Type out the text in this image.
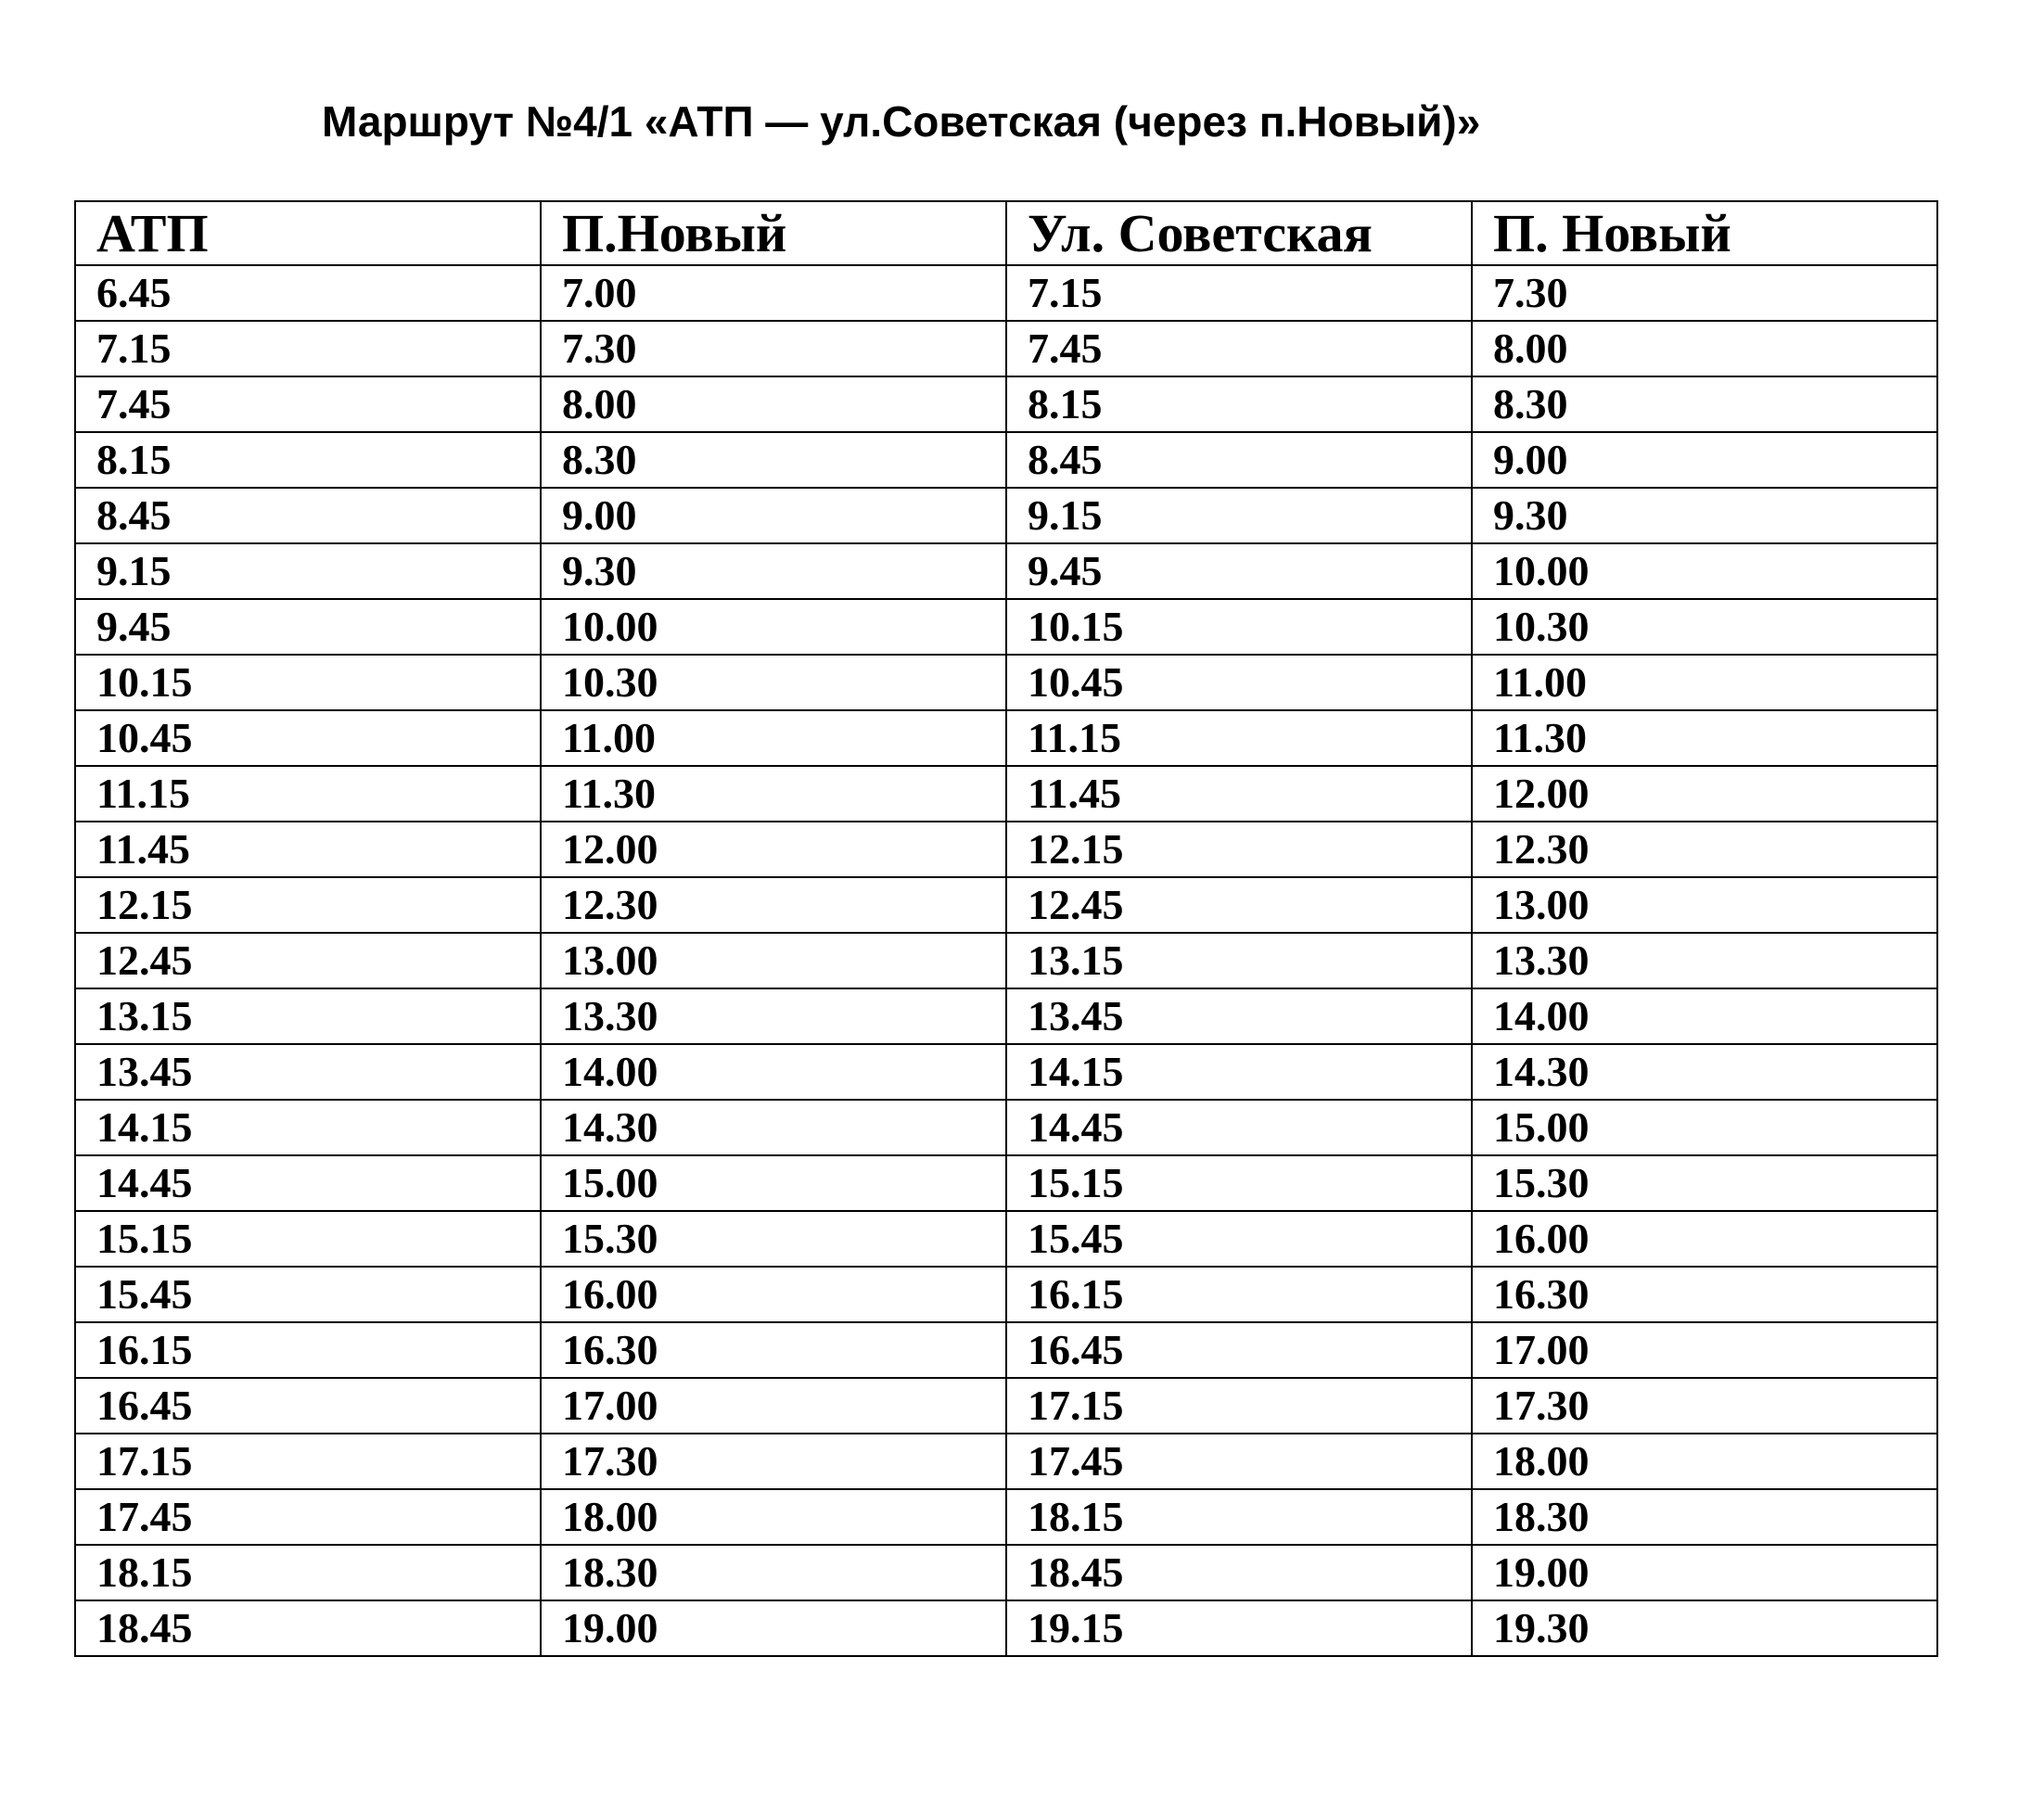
Маршрут №4/1 «АТП — ул.Советская (через п.Новый)»
АТП	П.Новый	Ул. Советская	П. Новый
6.45	7.00	7.15	7.30
7.15	7.30	7.45	8.00
7.45	8.00	8.15	8.30
8.15	8.30	8.45	9.00
8.45	9.00	9.15	9.30
9.15	9.30	9.45	10.00
9.45	10.00	10.15	10.30
10.15	10.30	10.45	11.00
10.45	11.00	11.15	11.30
11.15	11.30	11.45	12.00
11.45	12.00	12.15	12.30
12.15	12.30	12.45	13.00
12.45	13.00	13.15	13.30
13.15	13.30	13.45	14.00
13.45	14.00	14.15	14.30
14.15	14.30	14.45	15.00
14.45	15.00	15.15	15.30
15.15	15.30	15.45	16.00
15.45	16.00	16.15	16.30
16.15	16.30	16.45	17.00
16.45	17.00	17.15	17.30
17.15	17.30	17.45	18.00
17.45	18.00	18.15	18.30
18.15	18.30	18.45	19.00
18.45	19.00	19.15	19.30
